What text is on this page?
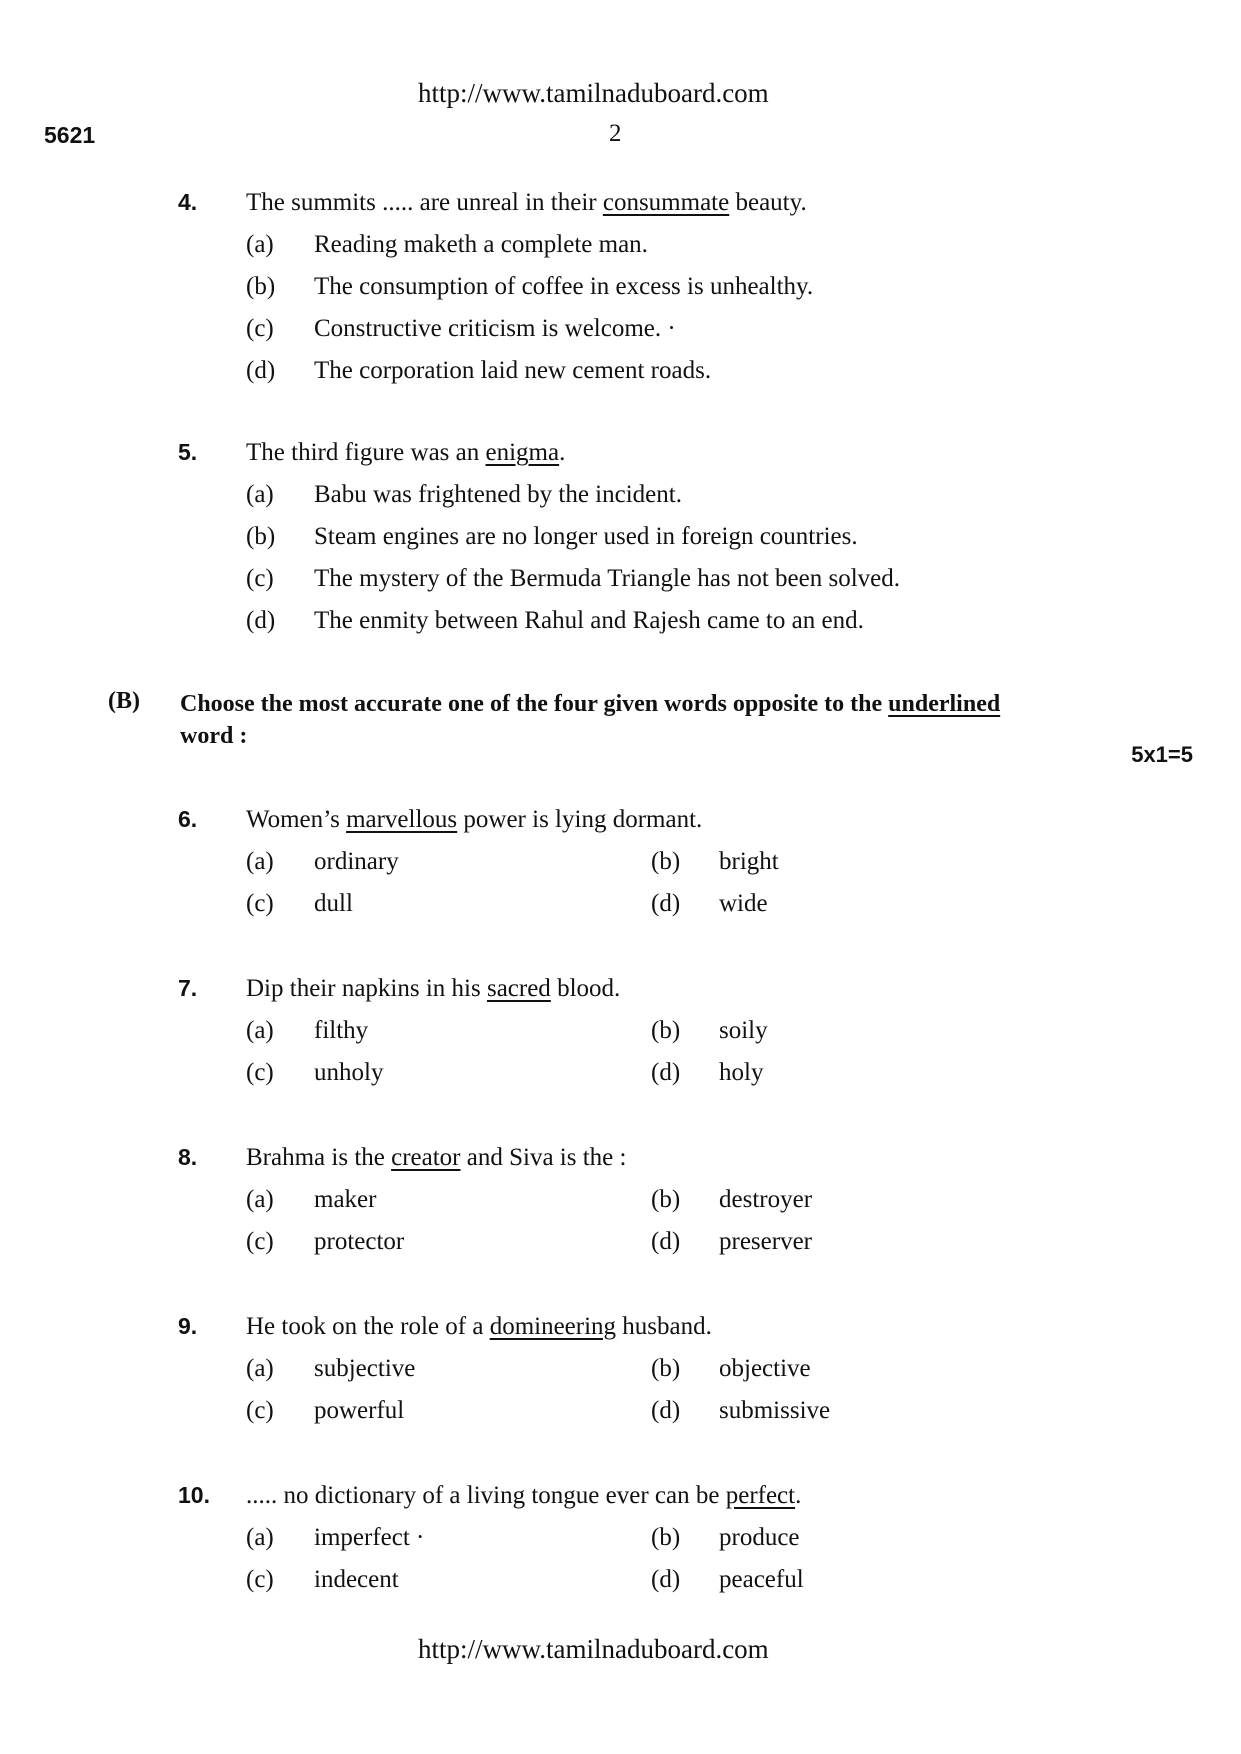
http://www.tamilnaduboard.com
5621	2
4. The summits ..... are unreal in their consummate beauty.
(a) Reading maketh a complete man.
(b) The consumption of coffee in excess is unhealthy.
(c) Constructive criticism is welcome. ·
(d) The corporation laid new cement roads.
5. The third figure was an enigma.
(a) Babu was frightened by the incident.
(b) Steam engines are no longer used in foreign countries.
(c) The mystery of the Bermuda Triangle has not been solved.
(d) The enmity between Rahul and Rajesh came to an end.
(B) Choose the most accurate one of the four given words opposite to the underlined
word :
5x1=5
6. Women’s marvellous power is lying dormant.
(a) ordinary	(b) bright
(c) dull	(d) wide
7. Dip their napkins in his sacred blood.
(a) filthy	(b) soily
(c) unholy	(d) holy
8. Brahma is the creator and Siva is the :
(a) maker	(b) destroyer
(c) protector	(d) preserver
9. He took on the role of a domineering husband.
(a) subjective	(b) objective
(c) powerful	(d) submissive
10. ..... no dictionary of a living tongue ever can be perfect.
(a) imperfect ·	(b) produce
(c) indecent	(d) peaceful
http://www.tamilnaduboard.com
